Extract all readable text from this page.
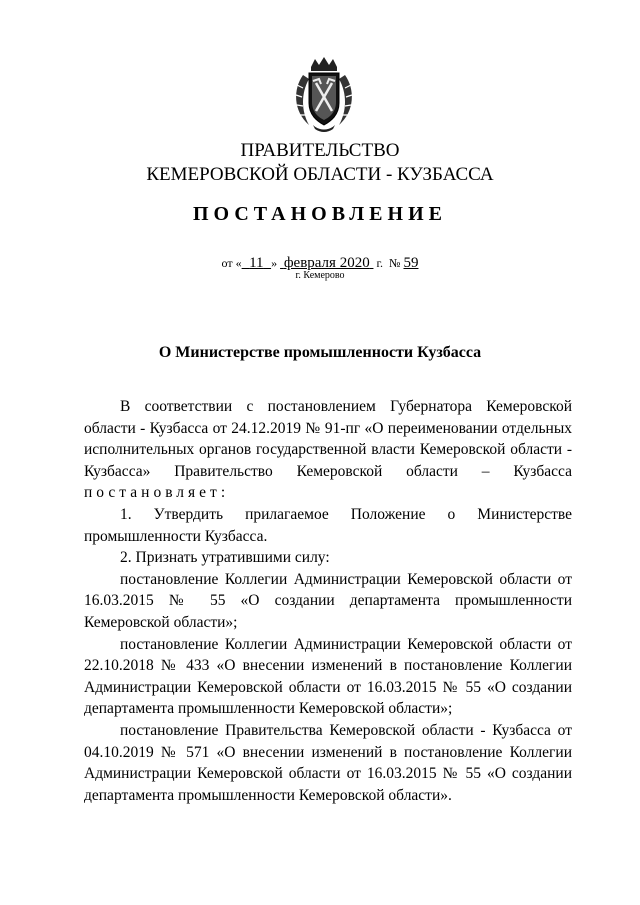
ПРАВИТЕЛЬСТВО
КЕМЕРОВСКОЙ ОБЛАСТИ - КУЗБАССА
ПОСТАНОВЛЕНИЕ
от « 11 » февраля 2020 г. № 59
г. Кемерово
О Министерстве промышленности Кузбасса

В соответствии с постановлением Губернатора Кемеровской области - Кузбасса от 24.12.2019 № 91-пг «О переименовании отдельных исполнительных органов государственной власти Кемеровской области - Кузбасса» Правительство Кемеровской области – Кузбасса постановляет:

1. Утвердить прилагаемое Положение о Министерстве промышленности Кузбасса.

2. Признать утратившими силу:

постановление Коллегии Администрации Кемеровской области от 16.03.2015 № 55 «О создании департамента промышленности Кемеровской области»;

постановление Коллегии Администрации Кемеровской области от 22.10.2018 № 433 «О внесении изменений в постановление Коллегии Администрации Кемеровской области от 16.03.2015 № 55 «О создании департамента промышленности Кемеровской области»;

постановление Правительства Кемеровской области - Кузбасса от 04.10.2019 № 571 «О внесении изменений в постановление Коллегии Администрации Кемеровской области от 16.03.2015 № 55 «О создании департамента промышленности Кемеровской области».
